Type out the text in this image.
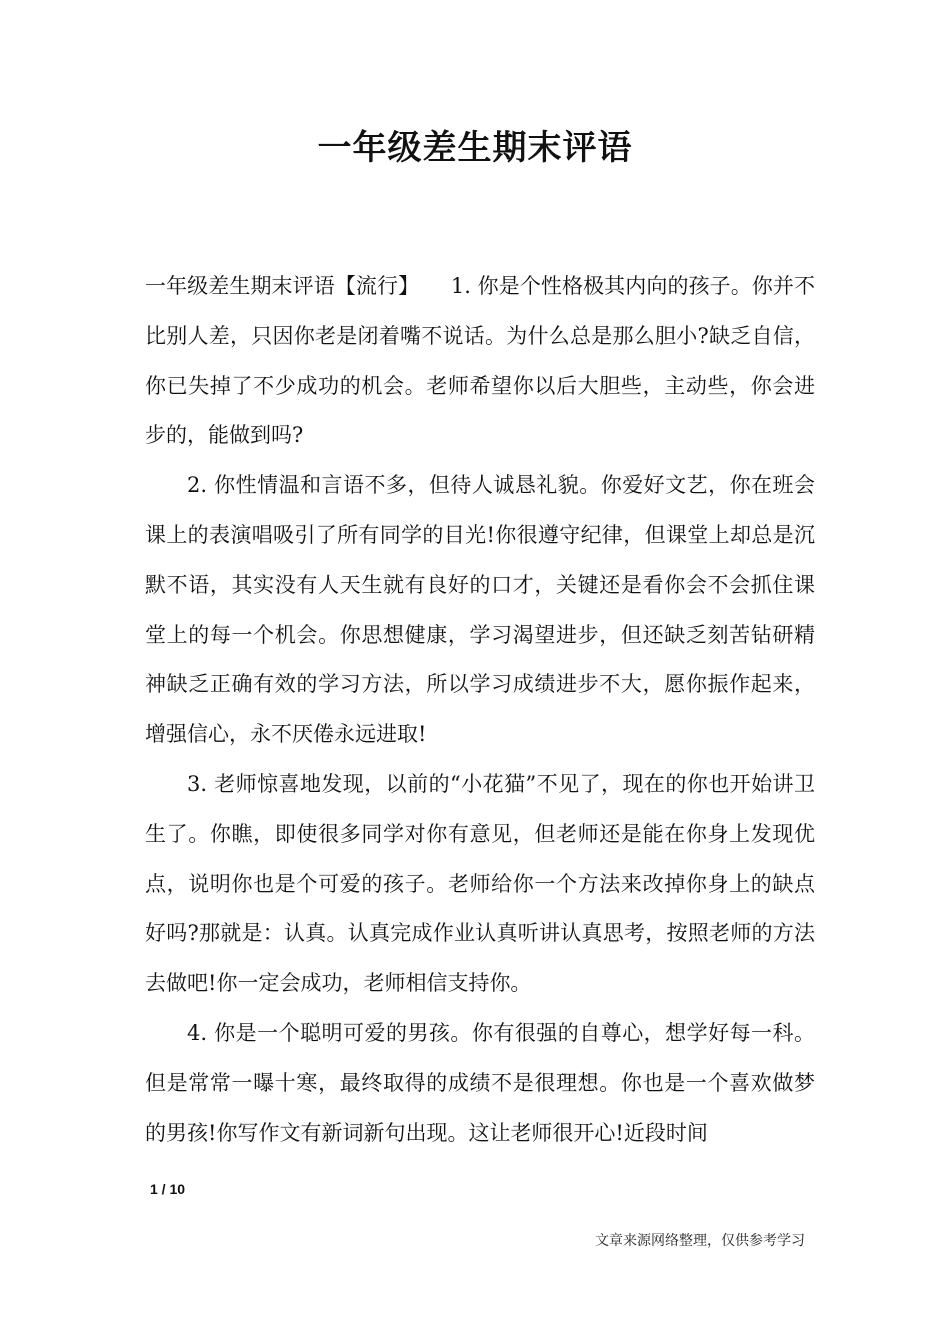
一年级差生期末评语

一年级差生期末评语【流行】　　1. 你是个性格极其内向的孩子。你并不比别人差，只因你老是闭着嘴不说话。为什么总是那么胆小?缺乏自信，你已失掉了不少成功的机会。老师希望你以后大胆些，主动些，你会进步的，能做到吗?

2. 你性情温和言语不多，但待人诚恳礼貌。你爱好文艺，你在班会课上的表演唱吸引了所有同学的目光!你很遵守纪律，但课堂上却总是沉默不语，其实没有人天生就有良好的口才，关键还是看你会不会抓住课堂上的每一个机会。你思想健康，学习渴望进步，但还缺乏刻苦钻研精神缺乏正确有效的学习方法，所以学习成绩进步不大，愿你振作起来，增强信心，永不厌倦永远进取!

3. 老师惊喜地发现，以前的“小花猫”不见了，现在的你也开始讲卫生了。你瞧，即使很多同学对你有意见，但老师还是能在你身上发现优点，说明你也是个可爱的孩子。老师给你一个方法来改掉你身上的缺点好吗?那就是：认真。认真完成作业认真听讲认真思考，按照老师的方法去做吧!你一定会成功，老师相信支持你。

4. 你是一个聪明可爱的男孩。你有很强的自尊心，想学好每一科。但是常常一曝十寒，最终取得的成绩不是很理想。你也是一个喜欢做梦的男孩!你写作文有新词新句出现。这让老师很开心!近段时间

1 / 10
文章来源网络整理，仅供参考学习
